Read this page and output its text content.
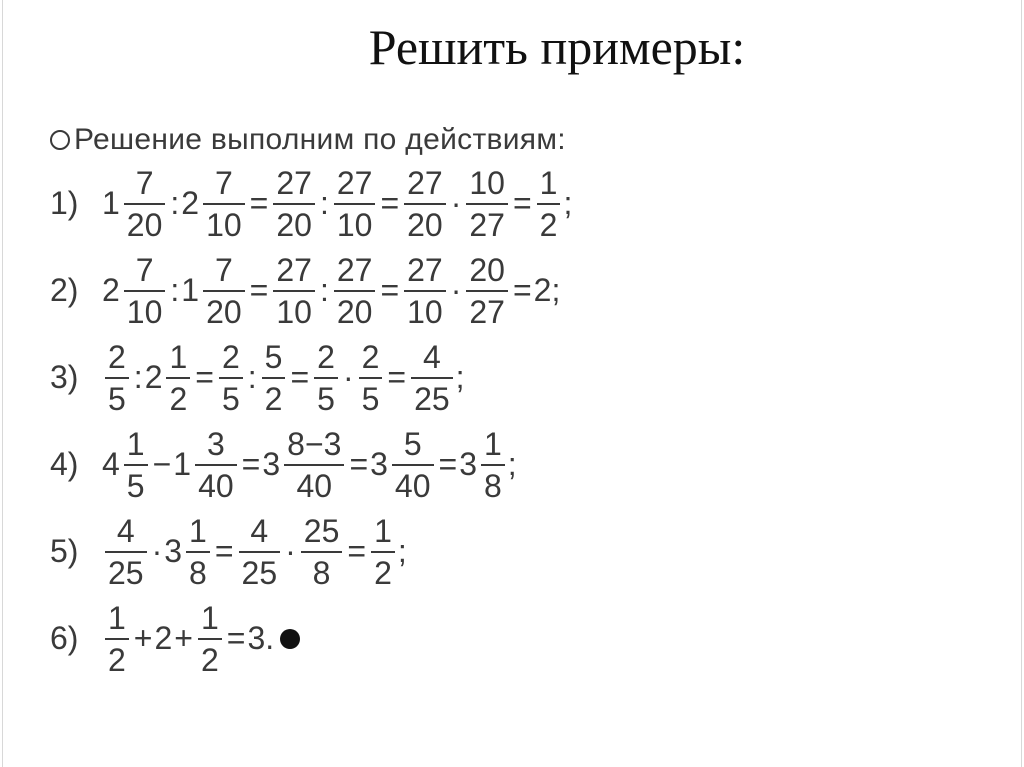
Решить примеры:
Решение выполним по действиям:
1) $1 \frac{7}{20}$ : $2 \frac{7}{10} = \frac{27}{20}$ : $\frac{27}{10} = \frac{27}{20} \cdot \frac{10}{27} = \frac{1}{2}$ ;
2) $2 \frac{7}{10}$ : $1 \frac{7}{20} = \frac{27}{10}$ : $\frac{27}{20} = \frac{27}{10} \cdot \frac{20}{27} = 2$;
$3) \frac{2}{5}$ : $2 \frac{1}{2} = \frac{2}{5}$ : $\frac{5}{2} = \frac{2}{5} \cdot \frac{2}{5} = \frac{4}{25}$ ;
4) $4 \frac{1}{5} - 1 \frac{3}{40} = 3 \frac{8-3}{40} = 3 \frac{5}{40} = 3 \frac{1}{8}$ ;
$5) \frac{4}{25} \cdot 3 \frac{1}{8} = \frac{4}{25} \cdot \frac{25}{8} = \frac{1}{2}$ ;
$6) \frac{1}{2} + 2 + \frac{1}{2} = 3$.
